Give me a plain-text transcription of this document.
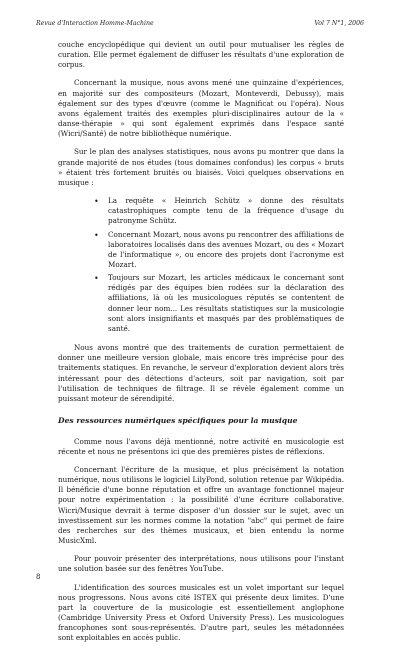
Revue d'Interaction Homme-Machine	Vol 7 N°1, 2006

couche encyclopédique qui devient un outil pour mutualiser les règles de curation. Elle permet également de diffuser les résultats d'une exploration de corpus.

Concernant la musique, nous avons mené une quinzaine d'expériences, en majorité sur des compositeurs (Mozart, Monteverdi, Debussy), mais également sur des types d'œuvre (comme le Magnificat ou l'opéra). Nous avons également traités des exemples pluri-disciplinaires autour de la « danse-thérapie » qui sont également exprimés dans l'espace santé (Wicri/Santé) de notre bibliothèque numérique.

Sur le plan des analyses statistiques, nous avons pu montrer que dans la grande majorité de nos études (tous domaines confondus) les corpus « bruts » étaient très fortement bruités ou biaisés. Voici quelques observations en musique :

• La requête « Heinrich Schütz » donne des résultats catastrophiques compte tenu de la fréquence d'usage du patronyme Schütz.
• Concernant Mozart, nous avons pu rencontrer des affiliations de laboratoires localisés dans des avenues Mozart, ou des « Mozart de l'informatique », ou encore des projets dont l'acronyme est Mozart.
• Toujours sur Mozart, les articles médicaux le concernant sont rédigés par des équipes bien rodées sur la déclaration des affiliations, là où les musicologues réputés se contentent de donner leur nom... Les résultats statistiques sur la musicologie sont alors insignifiants et masqués par des problématiques de santé.

Nous avons montré que des traitements de curation permettaient de donner une meilleure version globale, mais encore très imprécise pour des traitements statiques. En revanche, le serveur d'exploration devient alors très intéressant pour des détections d'acteurs, soit par navigation, soit par l'utilisation de techniques de filtrage. Il se révèle également comme un puissant moteur de sérendipité.

Des ressources numériques spécifiques pour la musique

Comme nous l'avons déjà mentionné, notre activité en musicologie est récente et nous ne présentons ici que des premières pistes de réflexions.

Concernant l'écriture de la musique, et plus précisément la notation numérique, nous utilisons le logiciel LilyPond, solution retenue par Wikipédia. Il bénéficie d'une bonne réputation et offre un avantage fonctionnel majeur pour notre expérimentation : la possibilité d'une écriture collaborative. Wicri/Musique devrait à terme disposer d'un dossier sur le sujet, avec un investissement sur les normes comme la notation "abc" qui permet de faire des recherches sur des thèmes musicaux, et bien entendu la norme MusicXml.

Pour pouvoir présenter des interprétations, nous utilisons pour l'instant une solution basée sur des fenêtres YouTube.

L'identification des sources musicales est un volet important sur lequel nous progressons. Nous avons cité ISTEX qui présente deux limites. D'une part la couverture de la musicologie est essentiellement anglophone (Cambridge University Press et Oxford University Press). Les musicologues francophones sont sous-représentés. D'autre part, seules les métadonnées sont exploitables en accès public.

8
